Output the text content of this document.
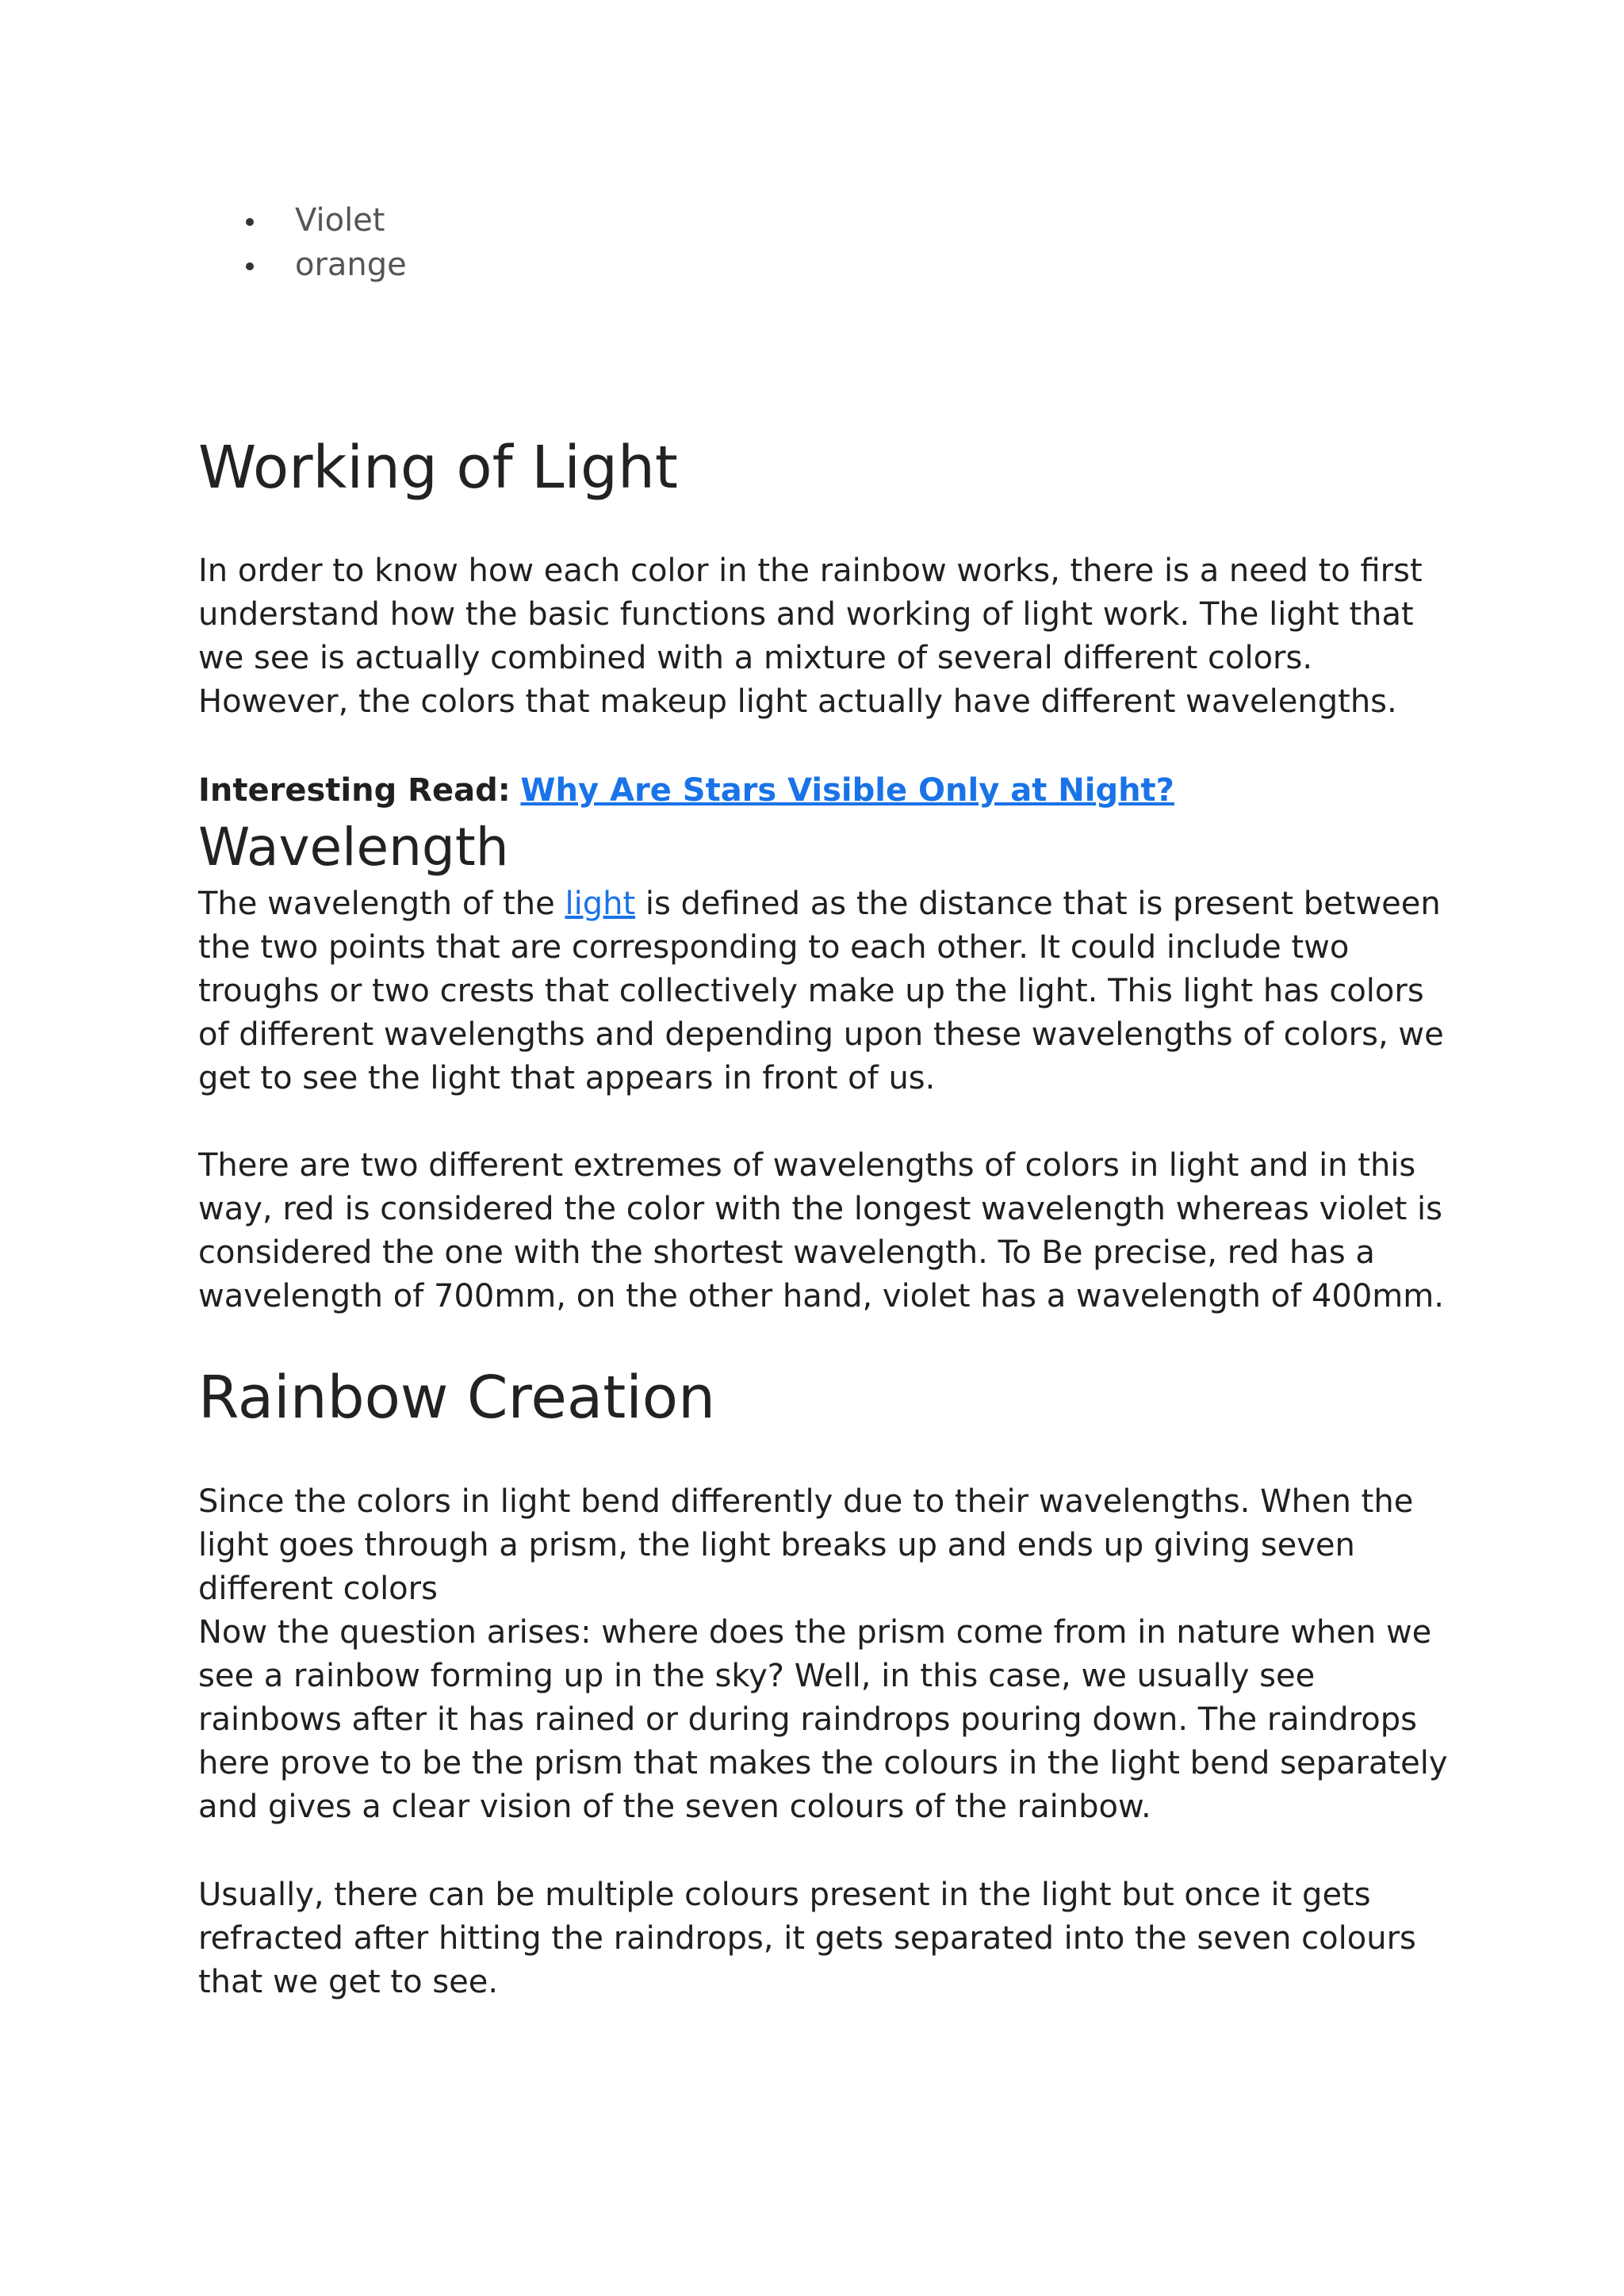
Violet
orange
Working of Light

In order to know how each color in the rainbow works, there is a need to first understand how the basic functions and working of light work. The light that we see is actually combined with a mixture of several different colors. However, the colors that makeup light actually have different wavelengths.

Interesting Read: Why Are Stars Visible Only at Night?
Wavelength

The wavelength of the light is defined as the distance that is present between the two points that are corresponding to each other. It could include two troughs or two crests that collectively make up the light. This light has colors of different wavelengths and depending upon these wavelengths of colors, we get to see the light that appears in front of us.

There are two different extremes of wavelengths of colors in light and in this way, red is considered the color with the longest wavelength whereas violet is considered the one with the shortest wavelength. To Be precise, red has a wavelength of 700mm, on the other hand, violet has a wavelength of 400mm.

Rainbow Creation

Since the colors in light bend differently due to their wavelengths. When the light goes through a prism, the light breaks up and ends up giving seven different colors

Now the question arises: where does the prism come from in nature when we see a rainbow forming up in the sky? Well, in this case, we usually see rainbows after it has rained or during raindrops pouring down. The raindrops here prove to be the prism that makes the colours in the light bend separately and gives a clear vision of the seven colours of the rainbow.

Usually, there can be multiple colours present in the light but once it gets refracted after hitting the raindrops, it gets separated into the seven colours that we get to see.
